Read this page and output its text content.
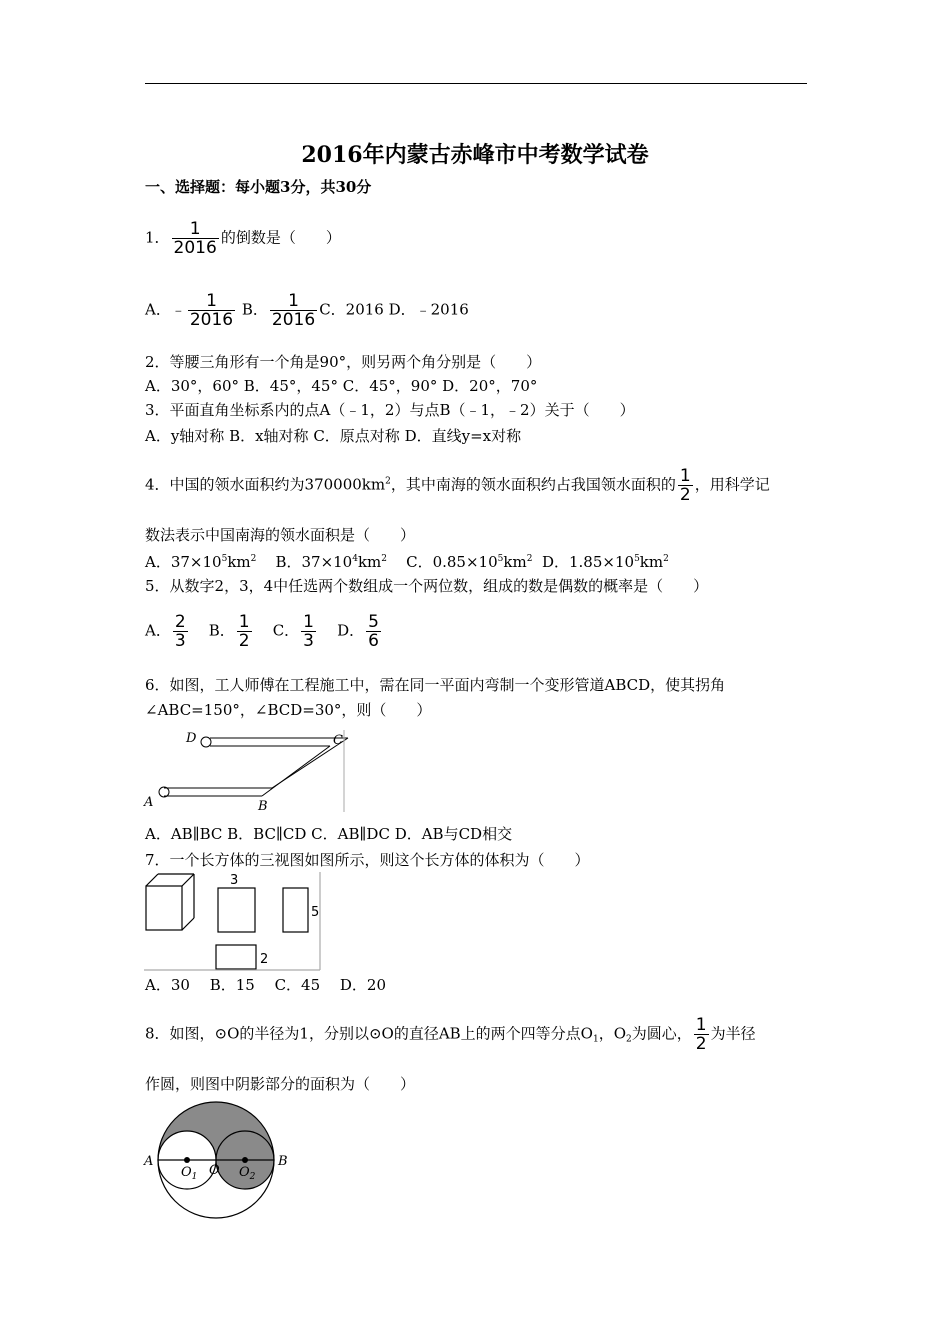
2016年内蒙古赤峰市中考数学试卷
一、选择题：每小题3分，共30分
1． $\frac{1}{2016}$ 的倒数是（　　）
A．﹣ $\frac{1}{2016}$ B． $\frac{1}{2016}$ C．2016 D．﹣2016
2．等腰三角形有一个角是90°，则另两个角分别是（　　）
A．30°，60° B．45°，45° C．45°，90° D．20°，70°
3．平面直角坐标系内的点A（﹣1，2）与点B（﹣1，﹣2）关于（　　）
A．y轴对称 B．x轴对称 C．原点对称 D．直线y=x对称
4．中国的领水面积约为$370000km^2$，其中南海的领水面积约占我国领水面积的 $\frac{1}{2}$ ，用科学记
数法表示中国南海的领水面积是（　　）
A．$37\times 10^5km^2$ B．$37\times 10^4km^2$ C．$0.85\times 10^5km^2$ D．$1.85\times 10^5km^2$
5．从数字2，3，4中任选两个数组成一个两位数，组成的数是偶数的概率是（　　）
A． $\frac{2}{3}$ B． $\frac{1}{2}$ C． $\frac{1}{3}$ D． $\frac{5}{6}$
6．如图，工人师傅在工程施工中，需在同一平面内弯制一个变形管道ABCD，使其拐角
∠ABC=150°，∠BCD=30°，则（　　）
D	C
A	B
A．AB∥BC B．BC∥CD C．AB∥DC D．AB与CD相交
7．一个长方体的三视图如图所示，则这个长方体的体积为（　　）
3
5
2
A．30　 B．15　 C．45　 D．20
8．如图，⊙O的半径为1，分别以⊙O的直径AB上的两个四等分点$O_1$，$O_2$为圆心， $\frac{1}{2}$ 为半径
作圆，则图中阴影部分的面积为（　　）
A
O
B
$O_1$	$O_2$
